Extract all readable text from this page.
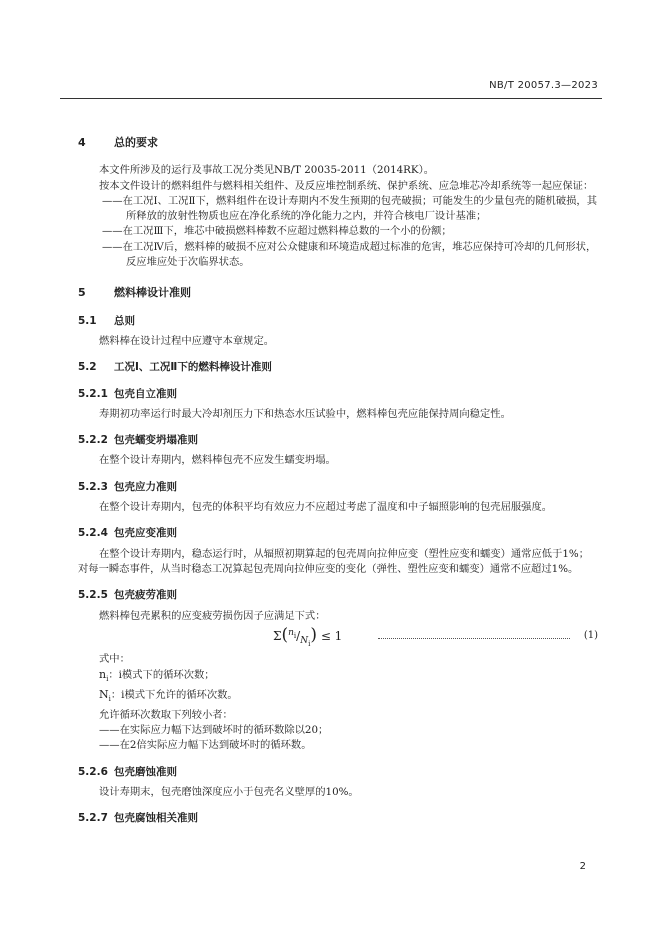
NB/T 20057.3—2023
4	总的要求

本文件所涉及的运行及事故工况分类见NB/T 20035-2011（2014RK）。

按本文件设计的燃料组件与燃料相关组件、及反应堆控制系统、保护系统、应急堆芯冷却系统等一起应保证：

——在工况Ⅰ、工况Ⅱ下，燃料组件在设计寿期内不发生预期的包壳破损；可能发生的少量包壳的随机破损，其所释放的放射性物质也应在净化系统的净化能力之内，并符合核电厂设计基准；

——在工况Ⅲ下，堆芯中破损燃料棒数不应超过燃料棒总数的一个小的份额；

——在工况Ⅳ后，燃料棒的破损不应对公众健康和环境造成超过标准的危害，堆芯应保持可冷却的几何形状，反应堆应处于次临界状态。

5	燃料棒设计准则
5.1 总则

燃料棒在设计过程中应遵守本章规定。

5.2 工况Ⅰ、工况Ⅱ下的燃料棒设计准则
5.2.1 包壳自立准则

寿期初功率运行时最大冷却剂压力下和热态水压试验中，燃料棒包壳应能保持周向稳定性。

5.2.2 包壳蠕变坍塌准则

在整个设计寿期内，燃料棒包壳不应发生蠕变坍塌。

5.2.3 包壳应力准则

在整个设计寿期内，包壳的体积平均有效应力不应超过考虑了温度和中子辐照影响的包壳屈服强度。

5.2.4 包壳应变准则

在整个设计寿期内，稳态运行时，从辐照初期算起的包壳周向拉伸应变（塑性应变和蠕变）通常应低于1%；对每一瞬态事件，从当时稳态工况算起包壳周向拉伸应变的变化（弹性、塑性应变和蠕变）通常不应超过1%。

5.2.5 包壳疲劳准则

燃料棒包壳累积的应变疲劳损伤因子应满足下式：

$\Sigma(^{n_i}/_{N_i}) \le 1$	(1)

式中：

$n_i$：i模式下的循环次数；

$N_i$：i模式下允许的循环次数。

允许循环次数取下列较小者：

——在实际应力幅下达到破坏时的循环数除以20；

——在2倍实际应力幅下达到破坏时的循环数。

5.2.6 包壳磨蚀准则

设计寿期末，包壳磨蚀深度应小于包壳名义壁厚的10%。

5.2.7 包壳腐蚀相关准则
2
